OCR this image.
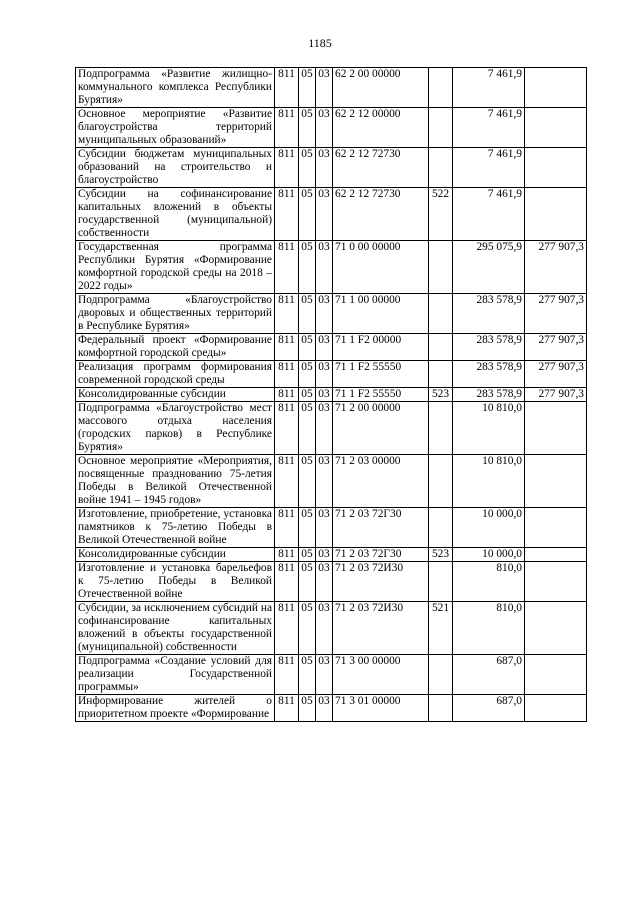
1185
Подпрограмма «Развитие жилищно-коммунального комплекса Республики Бурятия»	811	05	03	62 2 00 00000		7 461,9	
Основное мероприятие «Развитие благоустройства территорий муниципальных образований»	811	05	03	62 2 12 00000		7 461,9	
Субсидии бюджетам муниципальных образований на строительство и благоустройство	811	05	03	62 2 12 72730		7 461,9	
Субсидии на софинансирование капитальных вложений в объекты государственной (муниципальной) собственности	811	05	03	62 2 12 72730	522	7 461,9	
Государственная программа Республики Бурятия «Формирование комфортной городской среды на 2018 – 2022 годы»	811	05	03	71 0 00 00000		295 075,9	277 907,3
Подпрограмма «Благоустройство дворовых и общественных территорий в Республике Бурятия»	811	05	03	71 1 00 00000		283 578,9	277 907,3
Федеральный проект «Формирование комфортной городской среды»	811	05	03	71 1 F2 00000		283 578,9	277 907,3
Реализация программ формирования современной городской среды	811	05	03	71 1 F2 55550		283 578,9	277 907,3
Консолидированные субсидии	811	05	03	71 1 F2 55550	523	283 578,9	277 907,3
Подпрограмма «Благоустройство мест массового отдыха населения (городских парков) в Республике Бурятия»	811	05	03	71 2 00 00000		10 810,0	
Основное мероприятие «Мероприятия, посвященные празднованию 75-летия Победы в Великой Отечественной войне 1941 – 1945 годов»	811	05	03	71 2 03 00000		10 810,0	
Изготовление, приобретение, установка памятников к 75-летию Победы в Великой Отечественной войне	811	05	03	71 2 03 72Г30		10 000,0	
Консолидированные субсидии	811	05	03	71 2 03 72Г30	523	10 000,0	
Изготовление и установка барельефов к 75-летию Победы в Великой Отечественной войне	811	05	03	71 2 03 72И30		810,0	
Субсидии, за исключением субсидий на софинансирование капитальных вложений в объекты государственной (муниципальной) собственности	811	05	03	71 2 03 72И30	521	810,0	
Подпрограмма «Создание условий для реализации Государственной программы»	811	05	03	71 3 00 00000		687,0	
Информирование жителей о приоритетном проекте «Формирование	811	05	03	71 3 01 00000		687,0	
